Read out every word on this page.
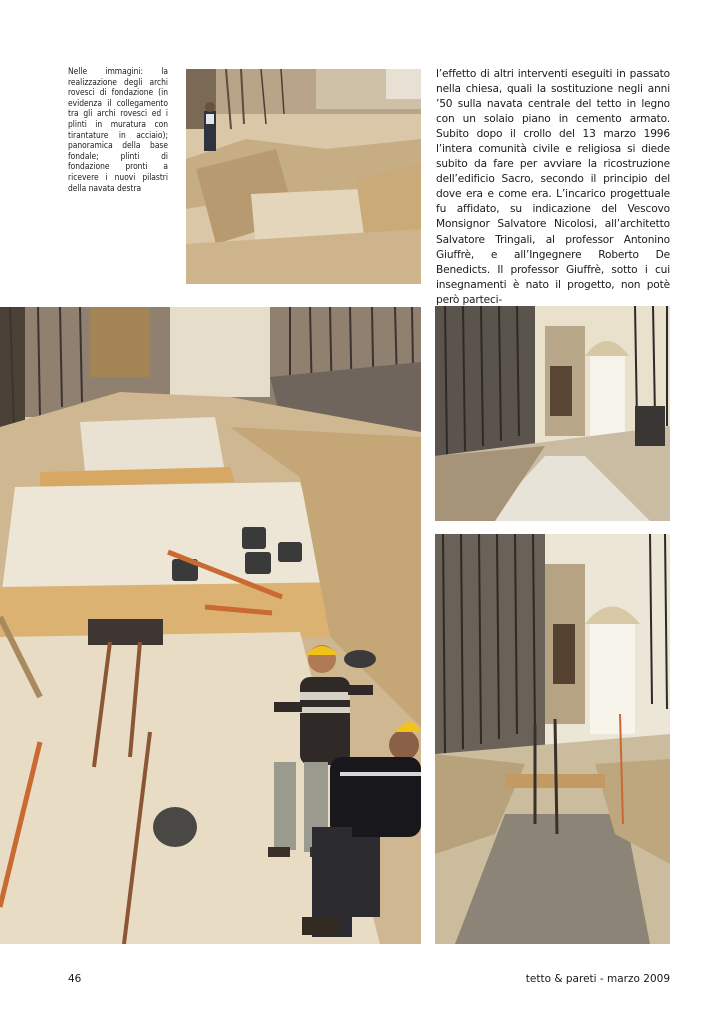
Nelle immagini: la realizzazione degli archi rovesci di fondazione (in evidenza il collegamento tra gli archi rovesci ed i plinti in muratura con tirantature in acciaio); panoramica della base fondale; plinti di fondazione pronti a ricevere i nuovi pilastri della navata destra
l’effetto di altri interventi eseguiti in passato nella chiesa, quali la sostituzione negli anni ’50 sulla navata centrale del tetto in legno con un solaio piano in cemento armato. Subito dopo il crollo del 13 marzo 1996 l’intera comunità civile e religiosa si diede subito da fare per avviare la ricostruzione dell’edificio Sacro, secondo il principio del dove era e come era. L’incarico progettuale fu affidato, su indicazione del Vescovo Monsignor Salvatore Nicolosi, all’architetto Salvatore Tringali, al professor Antonino Giuffrè, e all’Ingegnere Roberto De Benedicts. Il professor Giuffrè, sotto i cui insegnamenti è nato il progetto, non potè però parteci-
46	tetto & pareti - marzo 2009
